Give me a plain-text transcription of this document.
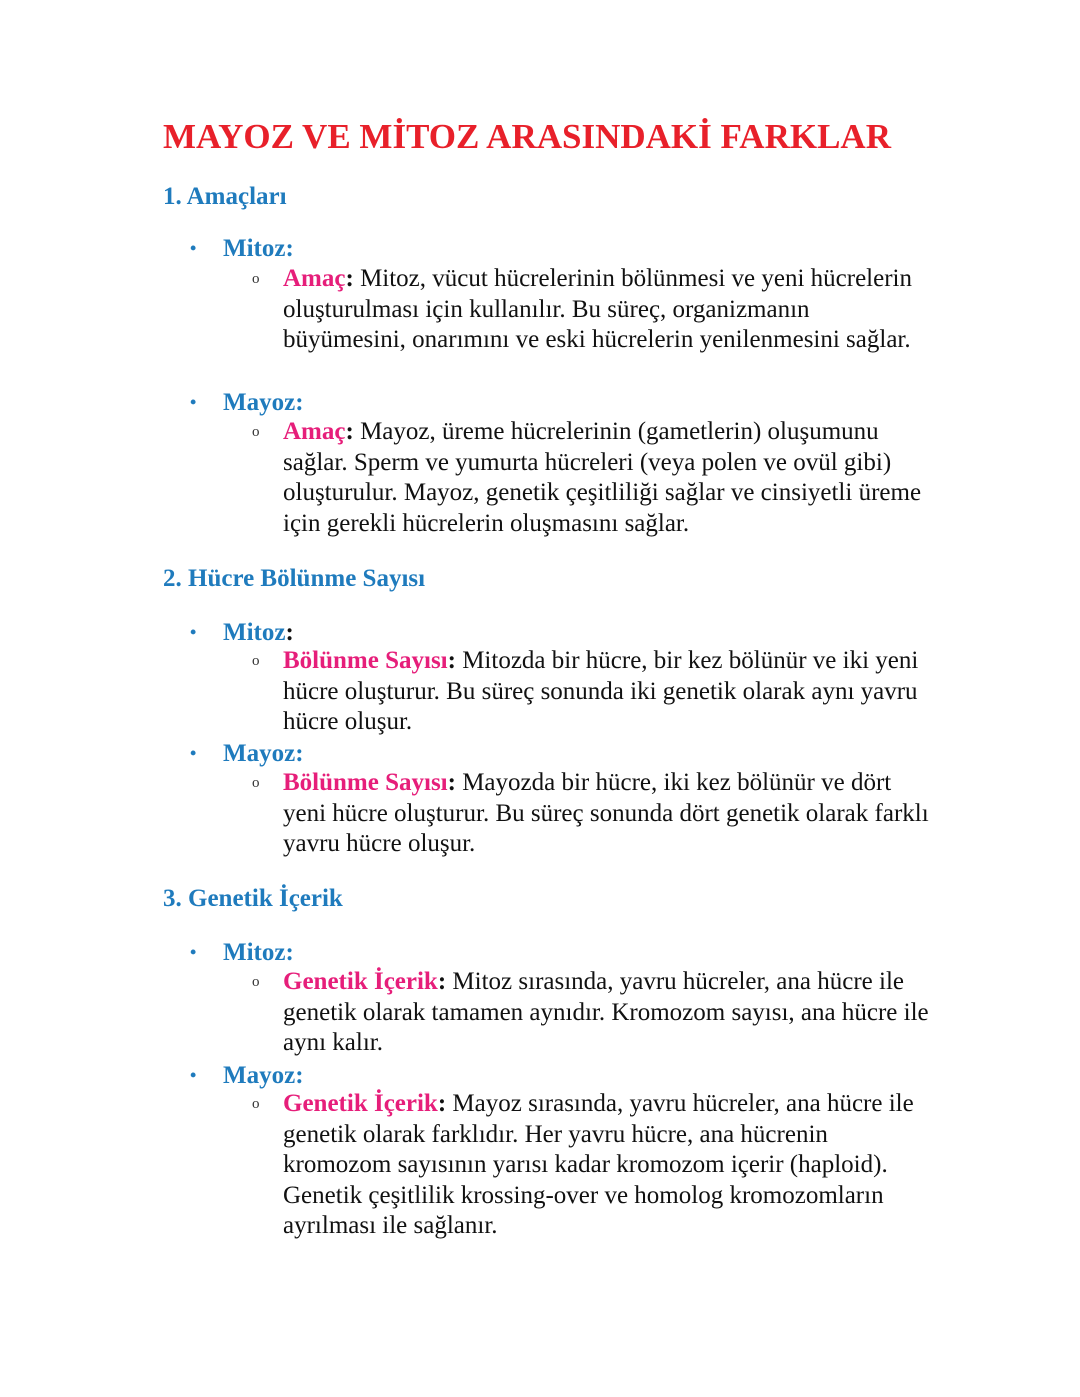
MAYOZ VE MİTOZ ARASINDAKİ FARKLAR
1. Amaçları
• Mitoz:
o Amaç: Mitoz, vücut hücrelerinin bölünmesi ve yeni hücrelerin oluşturulması için kullanılır. Bu süreç, organizmanın büyümesini, onarımını ve eski hücrelerin yenilenmesini sağlar.
• Mayoz:
o Amaç: Mayoz, üreme hücrelerinin (gametlerin) oluşumunu sağlar. Sperm ve yumurta hücreleri (veya polen ve ovül gibi) oluşturulur. Mayoz, genetik çeşitliliği sağlar ve cinsiyetli üreme için gerekli hücrelerin oluşmasını sağlar.
2. Hücre Bölünme Sayısı
• Mitoz:
o Bölünme Sayısı: Mitozda bir hücre, bir kez bölünür ve iki yeni hücre oluşturur. Bu süreç sonunda iki genetik olarak aynı yavru hücre oluşur.
• Mayoz:
o Bölünme Sayısı: Mayozda bir hücre, iki kez bölünür ve dört yeni hücre oluşturur. Bu süreç sonunda dört genetik olarak farklı yavru hücre oluşur.
3. Genetik İçerik
• Mitoz:
o Genetik İçerik: Mitoz sırasında, yavru hücreler, ana hücre ile genetik olarak tamamen aynıdır. Kromozom sayısı, ana hücre ile aynı kalır.
• Mayoz:
o Genetik İçerik: Mayoz sırasında, yavru hücreler, ana hücre ile genetik olarak farklıdır. Her yavru hücre, ana hücrenin kromozom sayısının yarısı kadar kromozom içerir (haploid). Genetik çeşitlilik krossing-over ve homolog kromozomların ayrılması ile sağlanır.
